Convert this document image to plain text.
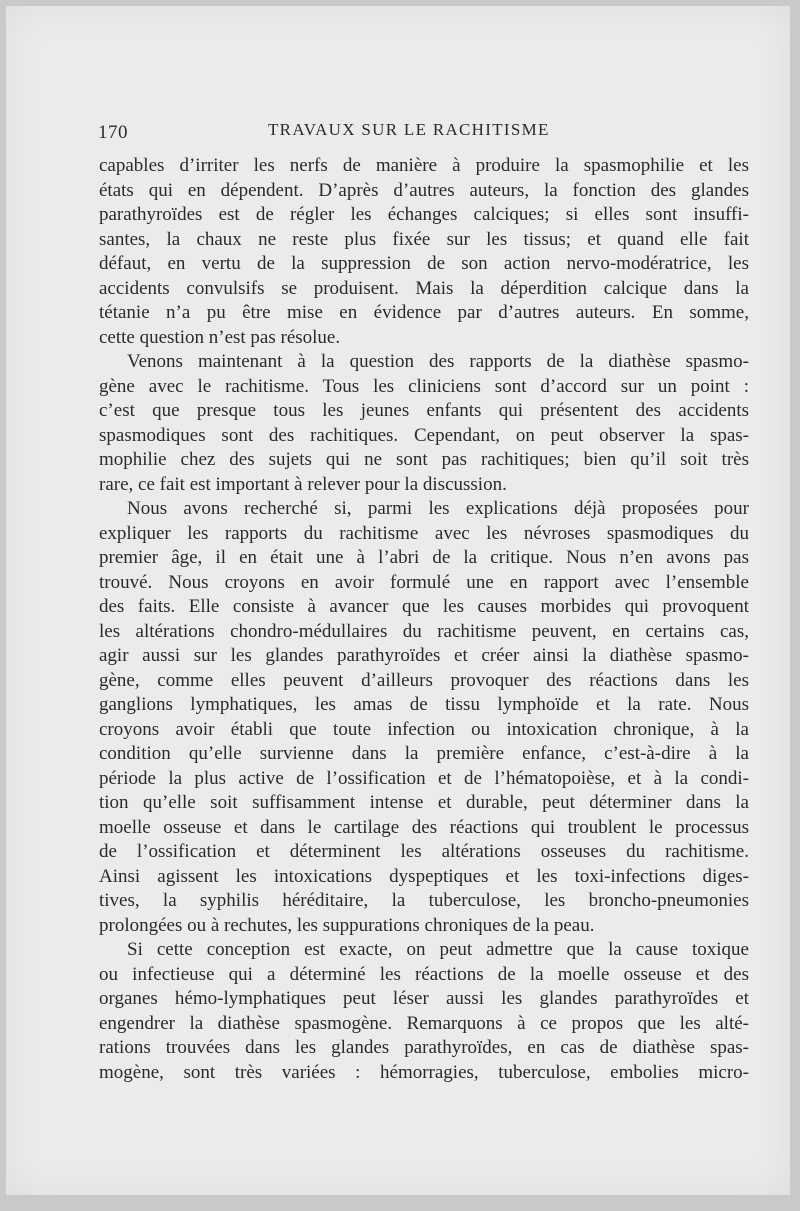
170	TRAVAUX SUR LE RACHITISME
capables d’irriter les nerfs de manière à produire la spasmophilie et les
états qui en dépendent. D’après d’autres auteurs, la fonction des glandes
parathyroïdes est de régler les échanges calciques; si elles sont insuffi-
santes, la chaux ne reste plus fixée sur les tissus; et quand elle fait
défaut, en vertu de la suppression de son action nervo-modératrice, les
accidents convulsifs se produisent. Mais la déperdition calcique dans la
tétanie n’a pu être mise en évidence par d’autres auteurs. En somme,
cette question n’est pas résolue.
Venons maintenant à la question des rapports de la diathèse spasmo-
gène avec le rachitisme. Tous les cliniciens sont d’accord sur un point :
c’est que presque tous les jeunes enfants qui présentent des accidents
spasmodiques sont des rachitiques. Cependant, on peut observer la spas-
mophilie chez des sujets qui ne sont pas rachitiques; bien qu’il soit très
rare, ce fait est important à relever pour la discussion.
Nous avons recherché si, parmi les explications déjà proposées pour
expliquer les rapports du rachitisme avec les névroses spasmodiques du
premier âge, il en était une à l’abri de la critique. Nous n’en avons pas
trouvé. Nous croyons en avoir formulé une en rapport avec l’ensemble
des faits. Elle consiste à avancer que les causes morbides qui provoquent
les altérations chondro-médullaires du rachitisme peuvent, en certains cas,
agir aussi sur les glandes parathyroïdes et créer ainsi la diathèse spasmo-
gène, comme elles peuvent d’ailleurs provoquer des réactions dans les
ganglions lymphatiques, les amas de tissu lymphoïde et la rate. Nous
croyons avoir établi que toute infection ou intoxication chronique, à la
condition qu’elle survienne dans la première enfance, c’est-à-dire à la
période la plus active de l’ossification et de l’hématopoièse, et à la condi-
tion qu’elle soit suffisamment intense et durable, peut déterminer dans la
moelle osseuse et dans le cartilage des réactions qui troublent le processus
de l’ossification et déterminent les altérations osseuses du rachitisme.
Ainsi agissent les intoxications dyspeptiques et les toxi-infections diges-
tives, la syphilis héréditaire, la tuberculose, les broncho-pneumonies
prolongées ou à rechutes, les suppurations chroniques de la peau.
Si cette conception est exacte, on peut admettre que la cause toxique
ou infectieuse qui a déterminé les réactions de la moelle osseuse et des
organes hémo-lymphatiques peut léser aussi les glandes parathyroïdes et
engendrer la diathèse spasmogène. Remarquons à ce propos que les alté-
rations trouvées dans les glandes parathyroïdes, en cas de diathèse spas-
mogène, sont très variées : hémorragies, tuberculose, embolies micro-
